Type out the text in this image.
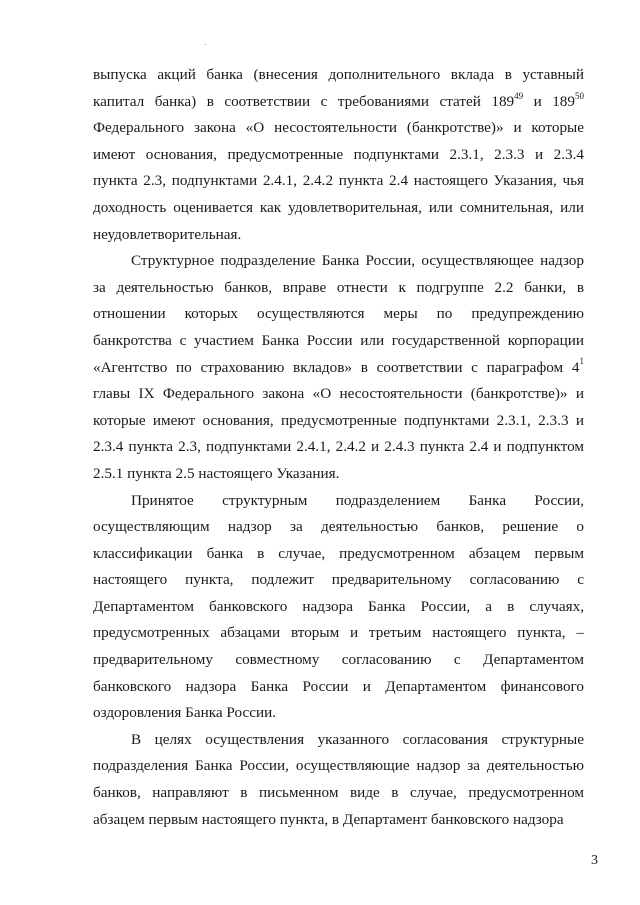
выпуска акций банка (внесения дополнительного вклада в уставный капитал банка) в соответствии с требованиями статей $189^{49}$ и $189^{50}$ Федерального закона «О несостоятельности (банкротстве)» и которые имеют основания, предусмотренные подпунктами 2.3.1, 2.3.3 и 2.3.4 пункта 2.3, подпунктами 2.4.1, 2.4.2 пункта 2.4 настоящего Указания, чья доходность оценивается как удовлетворительная, или сомнительная, или неудовлетворительная.

Структурное подразделение Банка России, осуществляющее надзор за деятельностью банков, вправе отнести к подгруппе 2.2 банки, в отношении которых осуществляются меры по предупреждению банкротства с участием Банка России или государственной корпорации «Агентство по страхованию вкладов» в соответствии с параграфом $4^1$ главы IX Федерального закона «О несостоятельности (банкротстве)» и которые имеют основания, предусмотренные подпунктами 2.3.1, 2.3.3 и 2.3.4 пункта 2.3, подпунктами 2.4.1, 2.4.2 и 2.4.3 пункта 2.4 и подпунктом 2.5.1 пункта 2.5 настоящего Указания.

Принятое структурным подразделением Банка России, осуществляющим надзор за деятельностью банков, решение о классификации банка в случае, предусмотренном абзацем первым настоящего пункта, подлежит предварительному согласованию с Департаментом банковского надзора Банка России, а в случаях, предусмотренных абзацами вторым и третьим настоящего пункта, – предварительному совместному согласованию с Департаментом банковского надзора Банка России и Департаментом финансового оздоровления Банка России.

В целях осуществления указанного согласования структурные подразделения Банка России, осуществляющие надзор за деятельностью банков, направляют в письменном виде в случае, предусмотренном абзацем первым настоящего пункта, в Департамент банковского надзора

3
